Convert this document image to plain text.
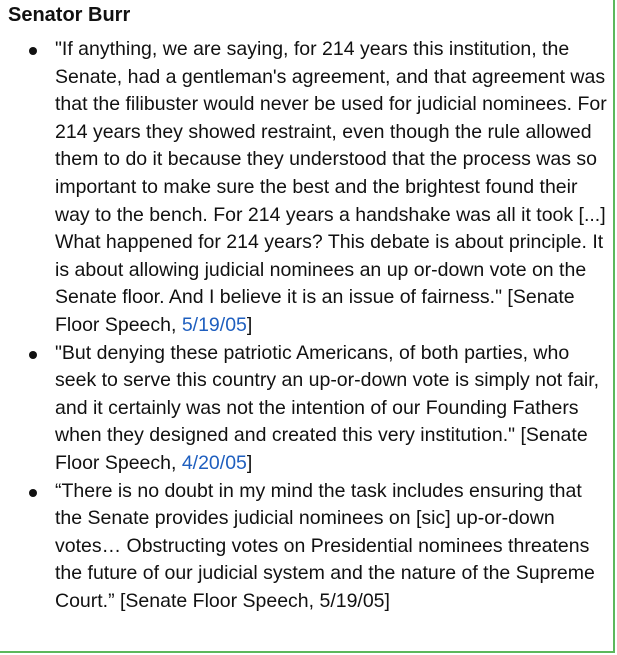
Senator Burr
"If anything, we are saying, for 214 years this institution, the Senate, had a gentleman's agreement, and that agreement was that the filibuster would never be used for judicial nominees. For 214 years they showed restraint, even though the rule allowed them to do it because they understood that the process was so important to make sure the best and the brightest found their way to the bench. For 214 years a handshake was all it took [...] What happened for 214 years? This debate is about principle. It is about allowing judicial nominees an up or-down vote on the Senate floor. And I believe it is an issue of fairness." [Senate Floor Speech, 5/19/05]
"But denying these patriotic Americans, of both parties, who seek to serve this country an up-or-down vote is simply not fair, and it certainly was not the intention of our Founding Fathers when they designed and created this very institution." [Senate Floor Speech, 4/20/05]
“There is no doubt in my mind the task includes ensuring that the Senate provides judicial nominees on [sic] up-or-down votes… Obstructing votes on Presidential nominees threatens the future of our judicial system and the nature of the Supreme Court.” [Senate Floor Speech, 5/19/05]
